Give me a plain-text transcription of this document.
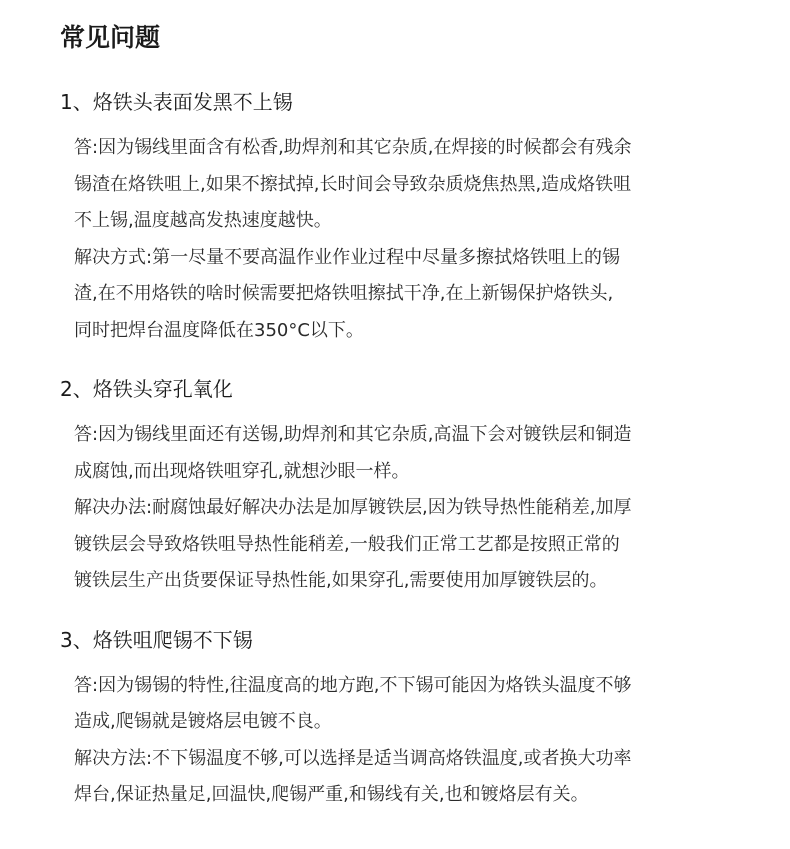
常见问题
1、烙铁头表面发黑不上锡
答:因为锡线里面含有松香,助焊剂和其它杂质,在焊接的时候都会有残余
锡渣在烙铁咀上,如果不擦拭掉,长时间会导致杂质烧焦热黑,造成烙铁咀
不上锡,温度越高发热速度越快。
解决方式:第一尽量不要高温作业作业过程中尽量多擦拭烙铁咀上的锡
渣,在不用烙铁的啥时候需要把烙铁咀擦拭干净,在上新锡保护烙铁头,
同时把焊台温度降低在350°C以下。
2、烙铁头穿孔氧化
答:因为锡线里面还有送锡,助焊剂和其它杂质,高温下会对镀铁层和铜造
成腐蚀,而出现烙铁咀穿孔,就想沙眼一样。
解决办法:耐腐蚀最好解决办法是加厚镀铁层,因为铁导热性能稍差,加厚
镀铁层会导致烙铁咀导热性能稍差,一般我们正常工艺都是按照正常的
镀铁层生产出货要保证导热性能,如果穿孔,需要使用加厚镀铁层的。
3、烙铁咀爬锡不下锡
答:因为锡锡的特性,往温度高的地方跑,不下锡可能因为烙铁头温度不够
造成,爬锡就是镀烙层电镀不良。
解决方法:不下锡温度不够,可以选择是适当调高烙铁温度,或者换大功率
焊台,保证热量足,回温快,爬锡严重,和锡线有关,也和镀烙层有关。
